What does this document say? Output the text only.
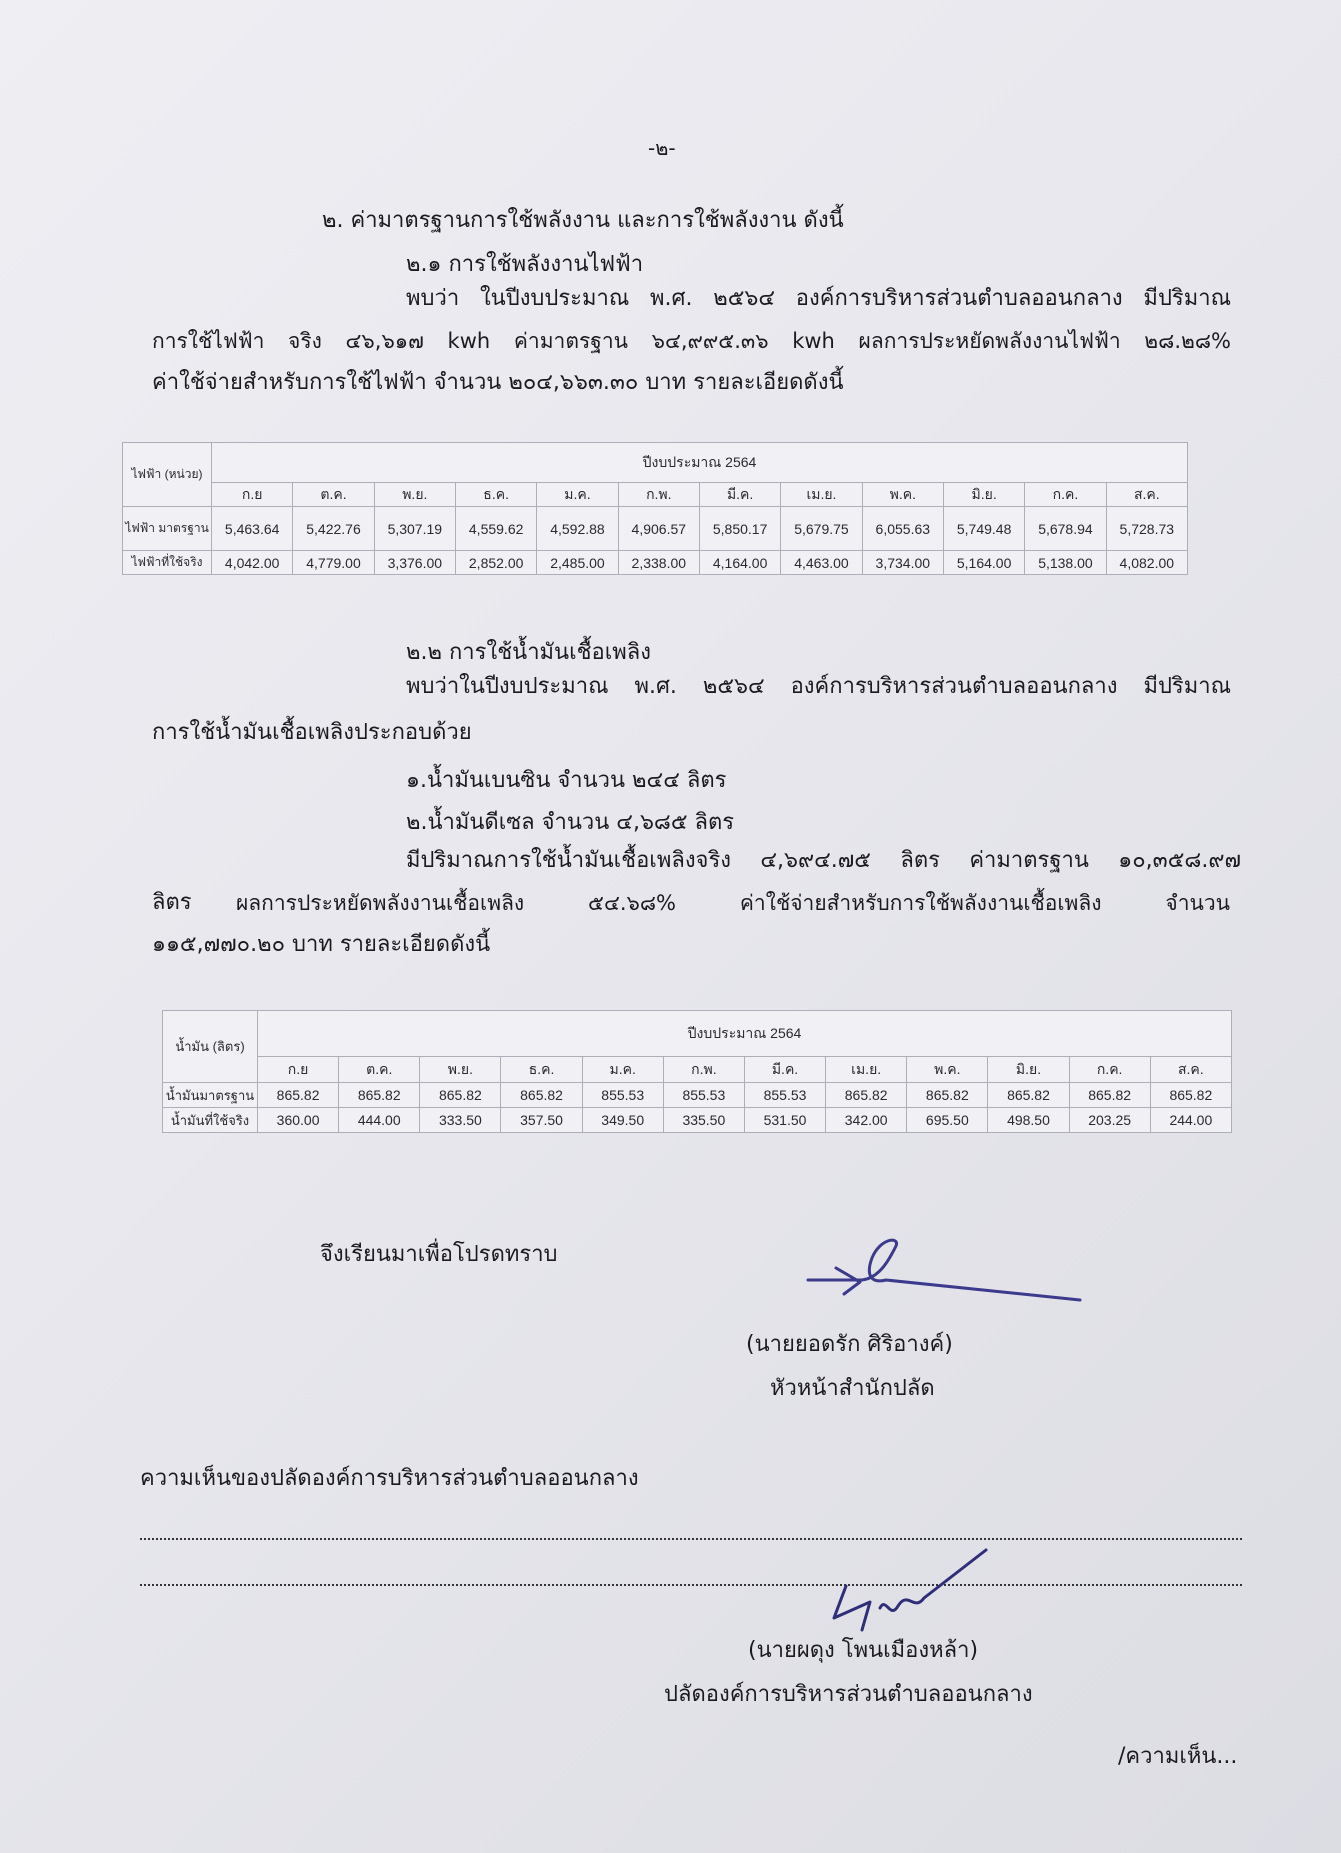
-๒-
๒. ค่ามาตรฐานการใช้พลังงาน และการใช้พลังงาน ดังนี้
๒.๑ การใช้พลังงานไฟฟ้า
พบว่า ในปีงบประมาณ พ.ศ. ๒๕๖๔ องค์การบริหารส่วนตำบลออนกลาง มีปริมาณ
การใช้ไฟฟ้า จริง ๔๖,๖๑๗ kwh ค่ามาตรฐาน ๖๔,๙๙๕.๓๖ kwh ผลการประหยัดพลังงานไฟฟ้า ๒๘.๒๘%
ค่าใช้จ่ายสำหรับการใช้ไฟฟ้า จำนวน ๒๐๔,๖๖๓.๓๐ บาท รายละเอียดดังนี้
ไฟฟ้า (หน่วย)	ปีงบประมาณ 2564											
	ก.ย	ต.ค.	พ.ย.	ธ.ค.	ม.ค.	ก.พ.	มี.ค.	เม.ย.	พ.ค.	มิ.ย.	ก.ค.	ส.ค.
ไฟฟ้า มาตรฐาน	5,463.64	5,422.76	5,307.19	4,559.62	4,592.88	4,906.57	5,850.17	5,679.75	6,055.63	5,749.48	5,678.94	5,728.73
ไฟฟ้าที่ใช้จริง	4,042.00	4,779.00	3,376.00	2,852.00	2,485.00	2,338.00	4,164.00	4,463.00	3,734.00	5,164.00	5,138.00	4,082.00
๒.๒ การใช้น้ำมันเชื้อเพลิง
พบว่าในปีงบประมาณ พ.ศ. ๒๕๖๔ องค์การบริหารส่วนตำบลออนกลาง มีปริมาณ
การใช้น้ำมันเชื้อเพลิงประกอบด้วย
๑.น้ำมันเบนซิน จำนวน ๒๔๔ ลิตร
๒.น้ำมันดีเซล จำนวน ๔,๖๘๕ ลิตร
มีปริมาณการใช้น้ำมันเชื้อเพลิงจริง ๔,๖๙๔.๗๕ ลิตร ค่ามาตรฐาน ๑๐,๓๕๘.๙๗
ลิตร ผลการประหยัดพลังงานเชื้อเพลิง ๕๔.๖๘% ค่าใช้จ่ายสำหรับการใช้พลังงานเชื้อเพลิง จำนวน
๑๑๕,๗๗๐.๒๐ บาท รายละเอียดดังนี้
น้ำมัน (ลิตร)	ปีงบประมาณ 2564											
	ก.ย	ต.ค.	พ.ย.	ธ.ค.	ม.ค.	ก.พ.	มี.ค.	เม.ย.	พ.ค.	มิ.ย.	ก.ค.	ส.ค.
น้ำมันมาตรฐาน	865.82	865.82	865.82	865.82	855.53	855.53	855.53	865.82	865.82	865.82	865.82	865.82
น้ำมันที่ใช้จริง	360.00	444.00	333.50	357.50	349.50	335.50	531.50	342.00	695.50	498.50	203.25	244.00
จึงเรียนมาเพื่อโปรดทราบ
(นายยอดรัก ศิริอางค์)
หัวหน้าสำนักปลัด
ความเห็นของปลัดองค์การบริหารส่วนตำบลออนกลาง
(นายผดุง โพนเมืองหล้า)
ปลัดองค์การบริหารส่วนตำบลออนกลาง
/ความเห็น...
